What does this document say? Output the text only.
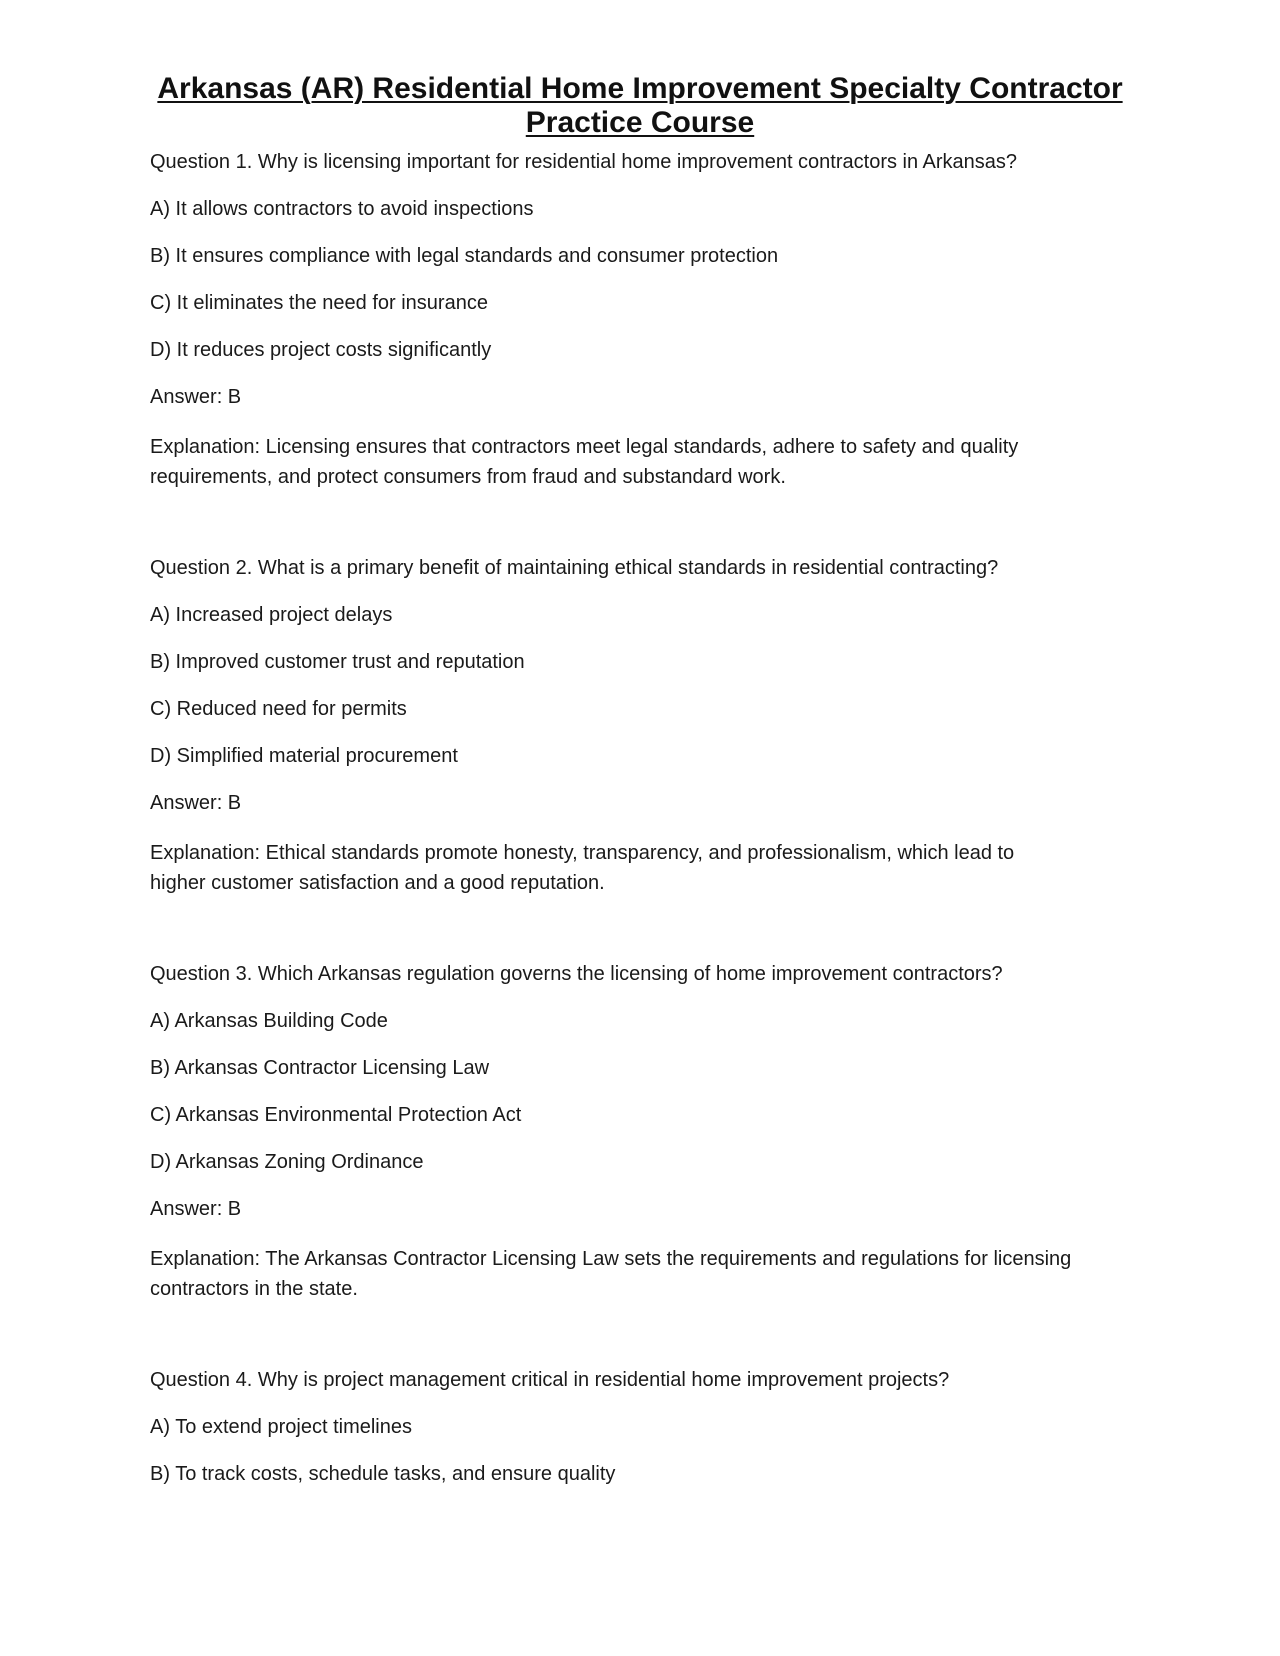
Arkansas (AR) Residential Home Improvement Specialty Contractor
Practice Course

Question 1. Why is licensing important for residential home improvement contractors in Arkansas?

A) It allows contractors to avoid inspections

B) It ensures compliance with legal standards and consumer protection

C) It eliminates the need for insurance

D) It reduces project costs significantly

Answer: B

Explanation: Licensing ensures that contractors meet legal standards, adhere to safety and quality
requirements, and protect consumers from fraud and substandard work.

Question 2. What is a primary benefit of maintaining ethical standards in residential contracting?

A) Increased project delays

B) Improved customer trust and reputation

C) Reduced need for permits

D) Simplified material procurement

Answer: B

Explanation: Ethical standards promote honesty, transparency, and professionalism, which lead to
higher customer satisfaction and a good reputation.

Question 3. Which Arkansas regulation governs the licensing of home improvement contractors?

A) Arkansas Building Code

B) Arkansas Contractor Licensing Law

C) Arkansas Environmental Protection Act

D) Arkansas Zoning Ordinance

Answer: B

Explanation: The Arkansas Contractor Licensing Law sets the requirements and regulations for licensing
contractors in the state.

Question 4. Why is project management critical in residential home improvement projects?

A) To extend project timelines

B) To track costs, schedule tasks, and ensure quality
